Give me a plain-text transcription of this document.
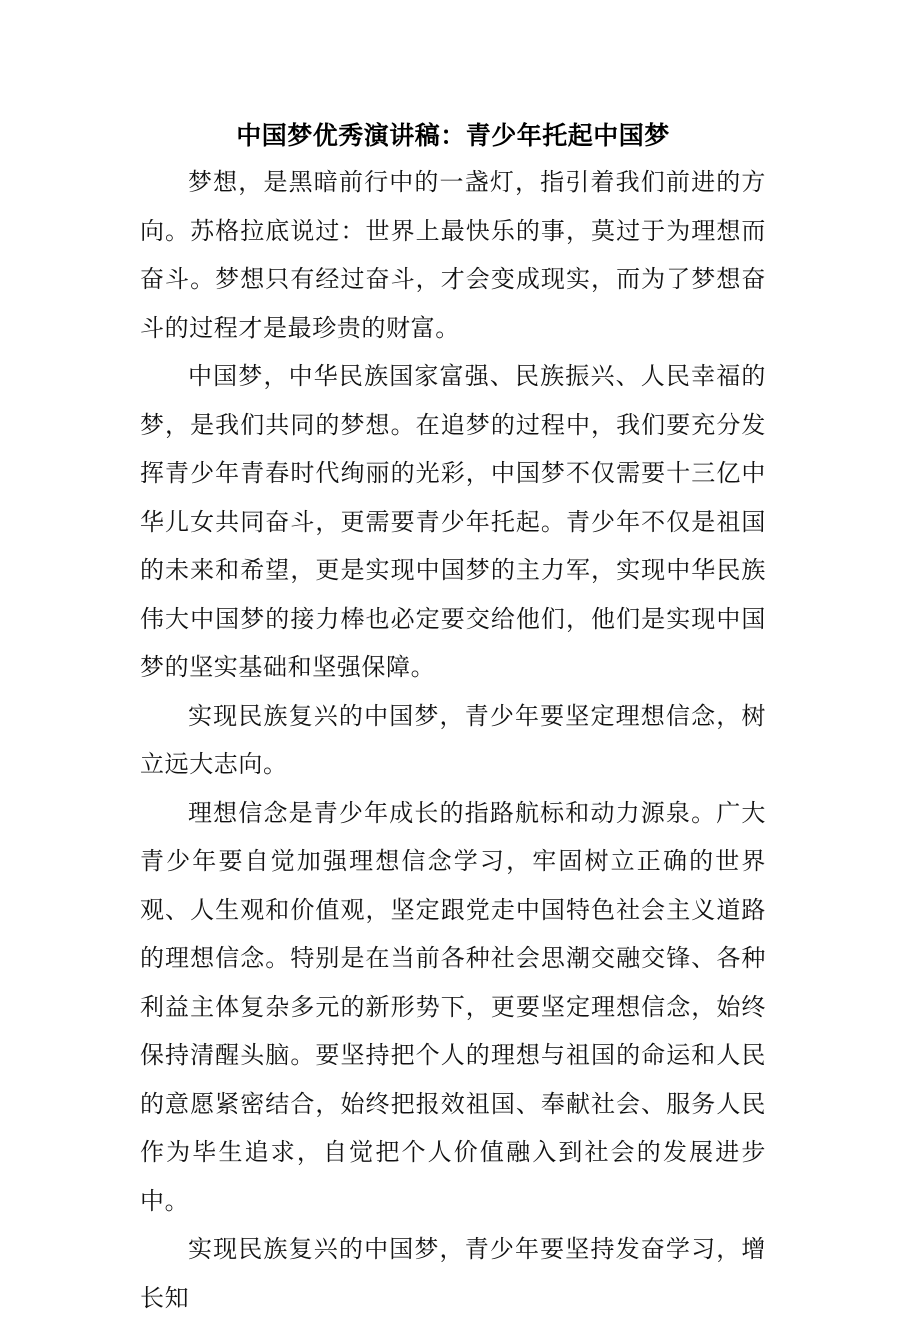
中国梦优秀演讲稿：青少年托起中国梦

梦想，是黑暗前行中的一盏灯，指引着我们前进的方向。苏格拉底说过：世界上最快乐的事，莫过于为理想而奋斗。梦想只有经过奋斗，才会变成现实，而为了梦想奋斗的过程才是最珍贵的财富。

中国梦，中华民族国家富强、民族振兴、人民幸福的梦，是我们共同的梦想。在追梦的过程中，我们要充分发挥青少年青春时代绚丽的光彩，中国梦不仅需要十三亿中华儿女共同奋斗，更需要青少年托起。青少年不仅是祖国的未来和希望，更是实现中国梦的主力军，实现中华民族伟大中国梦的接力棒也必定要交给他们，他们是实现中国梦的坚实基础和坚强保障。

实现民族复兴的中国梦，青少年要坚定理想信念，树立远大志向。

理想信念是青少年成长的指路航标和动力源泉。广大青少年要自觉加强理想信念学习，牢固树立正确的世界观、人生观和价值观，坚定跟党走中国特色社会主义道路的理想信念。特别是在当前各种社会思潮交融交锋、各种利益主体复杂多元的新形势下，更要坚定理想信念，始终保持清醒头脑。要坚持把个人的理想与祖国的命运和人民的意愿紧密结合，始终把报效祖国、奉献社会、服务人民作为毕生追求，自觉把个人价值融入到社会的发展进步中。

实现民族复兴的中国梦，青少年要坚持发奋学习，增长知
